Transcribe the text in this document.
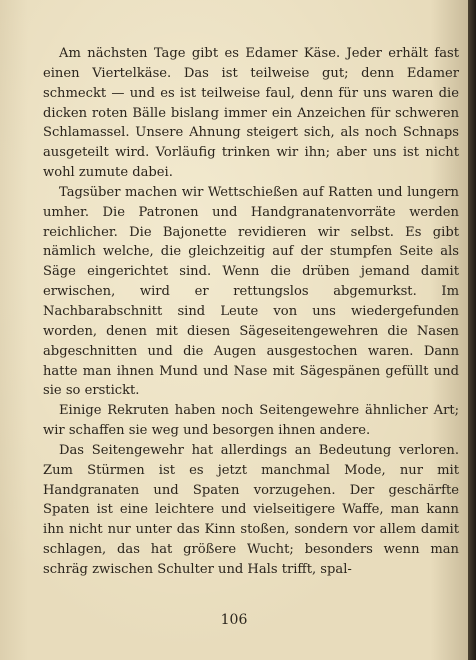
Am nächsten Tage gibt es Edamer Käse. Jeder erhält fast einen Viertelkäse. Das ist teilweise gut; denn Edamer schmeckt — und es ist teilweise faul, denn für uns waren die dicken roten Bälle bislang immer ein Anzeichen für schweren Schlamassel. Unsere Ahnung steigert sich, als noch Schnaps ausgeteilt wird. Vorläufig trinken wir ihn; aber uns ist nicht wohl zumute dabei.

Tagsüber machen wir Wettschießen auf Ratten und lungern umher. Die Patronen und Handgranatenvorräte werden reichlicher. Die Bajonette revidieren wir selbst. Es gibt nämlich welche, die gleichzeitig auf der stumpfen Seite als Säge eingerichtet sind. Wenn die drüben jemand damit erwischen, wird er rettungslos abgemurkst. Im Nachbarabschnitt sind Leute von uns wiedergefunden worden, denen mit diesen Sägeseitengewehren die Nasen abgeschnitten und die Augen ausgestochen waren. Dann hatte man ihnen Mund und Nase mit Sägespänen gefüllt und sie so erstickt.

Einige Rekruten haben noch Seitengewehre ähnlicher Art; wir schaffen sie weg und besorgen ihnen andere.

Das Seitengewehr hat allerdings an Bedeutung verloren. Zum Stürmen ist es jetzt manchmal Mode, nur mit Handgranaten und Spaten vorzugehen. Der geschärfte Spaten ist eine leichtere und vielseitigere Waffe, man kann ihn nicht nur unter das Kinn stoßen, sondern vor allem damit schlagen, das hat größere Wucht; besonders wenn man schräg zwischen Schulter und Hals trifft, spal-

106
